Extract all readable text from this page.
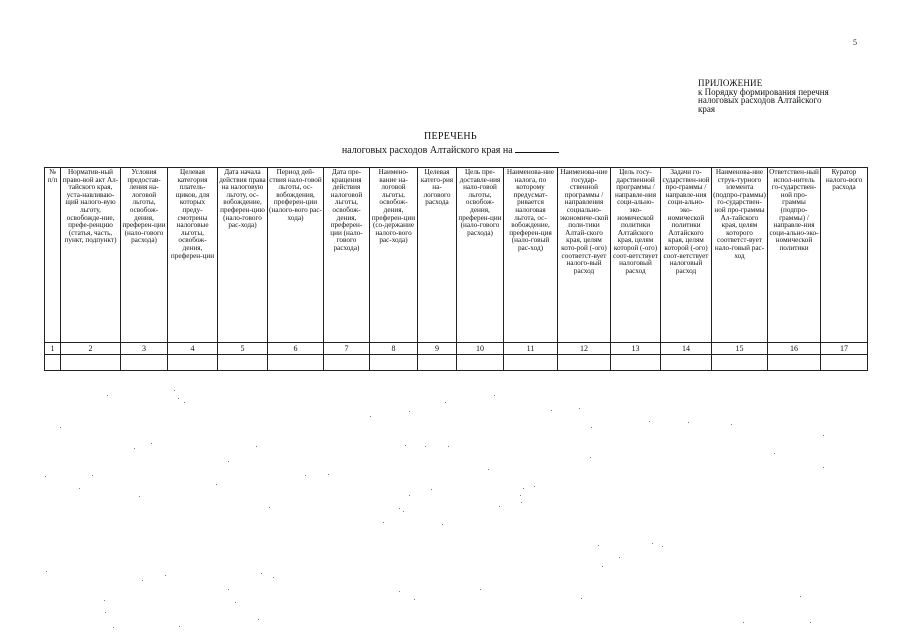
5
ПРИЛОЖЕНИЕ
к Порядку формирования перечня
налоговых расходов Алтайского
края
ПЕРЕЧЕНЬ
налоговых расходов Алтайского края на
№ п/п	Норматив-ный право-вой акт Ал-тайского края, уста-навливаю-щий налого-вую льготу, освобожде-ние, префе-ренцию (статья, часть, пункт, подпункт)	Условия предостав-ления на-логовой льготы, освобож-дения, преферен-ции (нало-гового расхода)	Целевая категория платель-щиков, для которых преду-смотрены налоговые льготы, освобож-дения, преферен-ции	Дата начала действия права на налоговую льготу, ос-вобождение, преферен-цию (нало-гового рас-хода)	Период дей-ствия нало-говой льготы, ос-вобождения, преферен-ции (налого-вого рас-хода)	Дата пре-кращения действия налоговой льготы, освобож-дения, преферен-ции (нало-гового расхода)	Наимено-вание на-логовой льготы, освобож-дения, преферен-ции (со-держание налого-вого рас-хода)	Целевая катего-рия на-логового расхода	Цель пре-доставле-ния нало-говой льготы, освобож-дения, преферен-ции (нало-гового расхода)	Наименова-ние налога, по которому предусмат-ривается налоговая льгота, ос-вобождение, преферен-ция (нало-говый рас-ход)	Наименова-ние государ-ственной программы / направления социально-экономиче-ской поли-тики Алтай-ского края, целям кото-рой (-ого) соответст-вует налого-вый расход	Цель госу-дарственной программы / направле-ния соци-ально-эко-номической политики Алтайского края, целям которой (-ого) соот-ветствует налоговый расход	Задачи го-сударствен-ной про-граммы / направле-ния соци-ально-эко-номической политики Алтайского края, целям которой (-ого) соот-ветствует налоговый расход	Наименова-ние струк-турного элемента (подпро-граммы) го-сударствен-ной про-граммы Ал-тайского края, целям которого соответст-вует нало-говый рас-ход	Ответствен-ный испол-нитель го-сударствен-ной про-граммы (подпро-граммы) / направле-ния соци-ально-эко-номической политики	Куратор налого-вого расхода
1	2	3	4	5	6	7	8	9	10	11	12	13	14	15	16	17
